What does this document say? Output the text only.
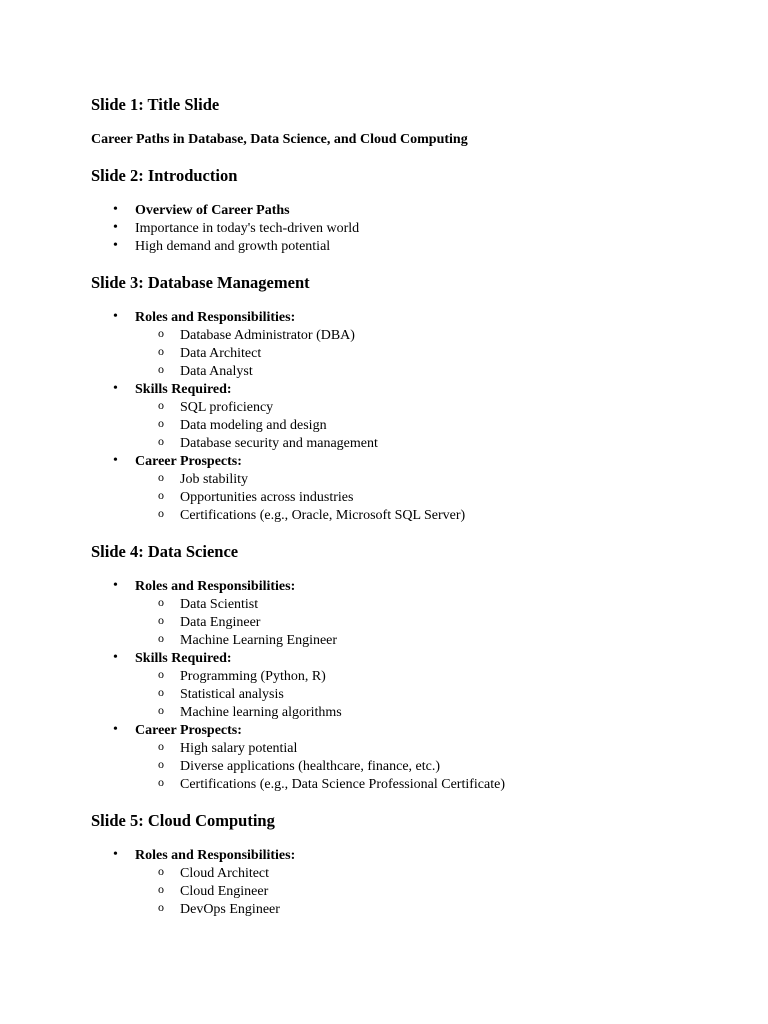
Slide 1: Title Slide

Career Paths in Database, Data Science, and Cloud Computing

Slide 2: Introduction
•	Overview of Career Paths
•	Importance in today's tech-driven world
•	High demand and growth potential
Slide 3: Database Management
•	Roles and Responsibilities:
o Database Administrator (DBA)
o Data Architect
o Data Analyst
•	Skills Required:
o SQL proficiency
o Data modeling and design
o Database security and management
•	Career Prospects:
o Job stability
o Opportunities across industries
o Certifications (e.g., Oracle, Microsoft SQL Server)
Slide 4: Data Science
•	Roles and Responsibilities:
o Data Scientist
o Data Engineer
o Machine Learning Engineer
•	Skills Required:
o Programming (Python, R)
o Statistical analysis
o Machine learning algorithms
•	Career Prospects:
o High salary potential
o Diverse applications (healthcare, finance, etc.)
o Certifications (e.g., Data Science Professional Certificate)
Slide 5: Cloud Computing
•	Roles and Responsibilities:
o Cloud Architect
o Cloud Engineer
o DevOps Engineer
